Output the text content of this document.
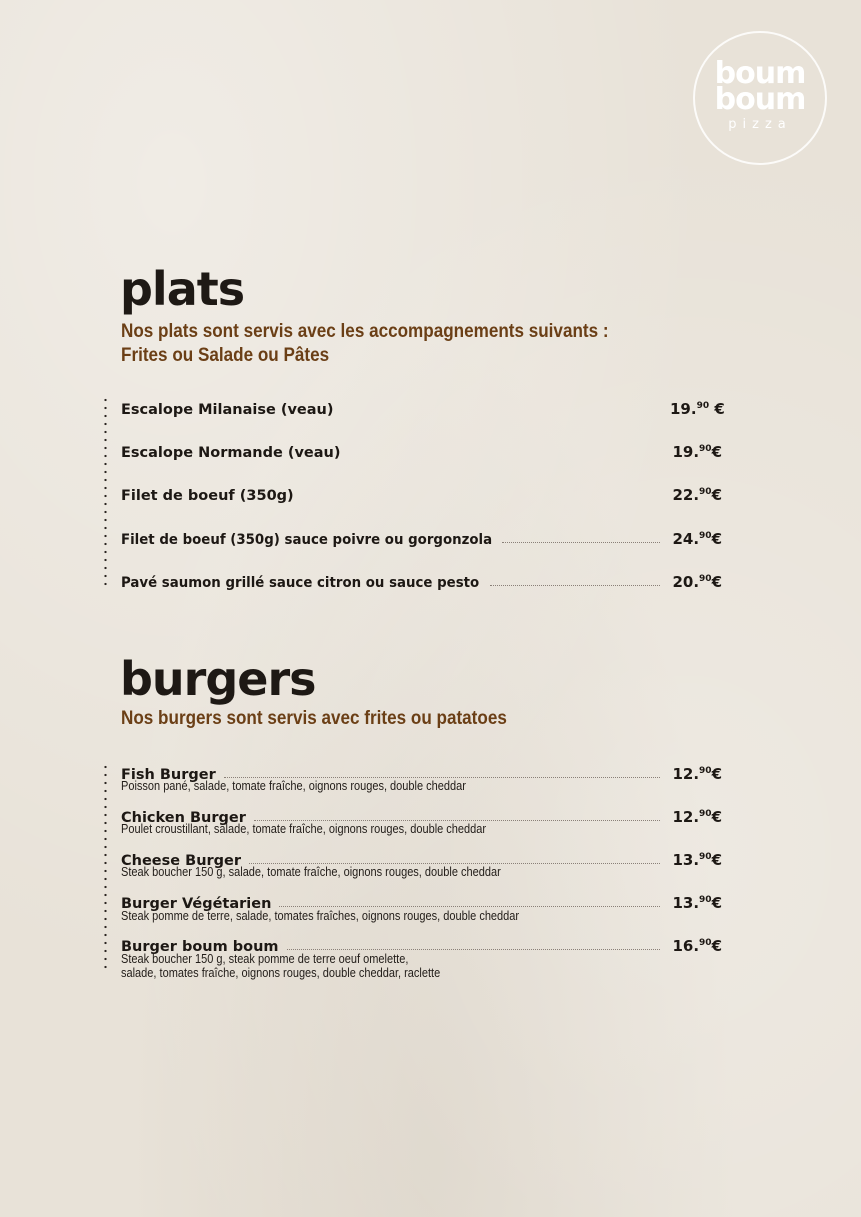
boum
boum
pizza
plats

Nos plats sont servis avec les accompagnements suivants :

Frites ou Salade ou Pâtes

Escalope Milanaise (veau)	19.90 €
Escalope Normande (veau)	19.90€
Filet de boeuf (350g)	22.90€
Filet de boeuf (350g) sauce poivre ou gorgonzola	24.90€
Pavé saumon grillé sauce citron ou sauce pesto	20.90€
burgers

Nos burgers sont servis avec frites ou patatoes

Fish Burger	12.90€
Poisson pané, salade, tomate fraîche, oignons rouges, double cheddar
Chicken Burger	12.90€
Poulet croustillant, salade, tomate fraîche, oignons rouges, double cheddar
Cheese Burger	13.90€
Steak boucher 150 g, salade, tomate fraîche, oignons rouges, double cheddar
Burger Végétarien	13.90€
Steak pomme de terre, salade, tomates fraîches, oignons rouges, double cheddar
Burger boum boum	16.90€
Steak boucher 150 g, steak pomme de terre oeuf omelette,
salade, tomates fraîche, oignons rouges, double cheddar, raclette
